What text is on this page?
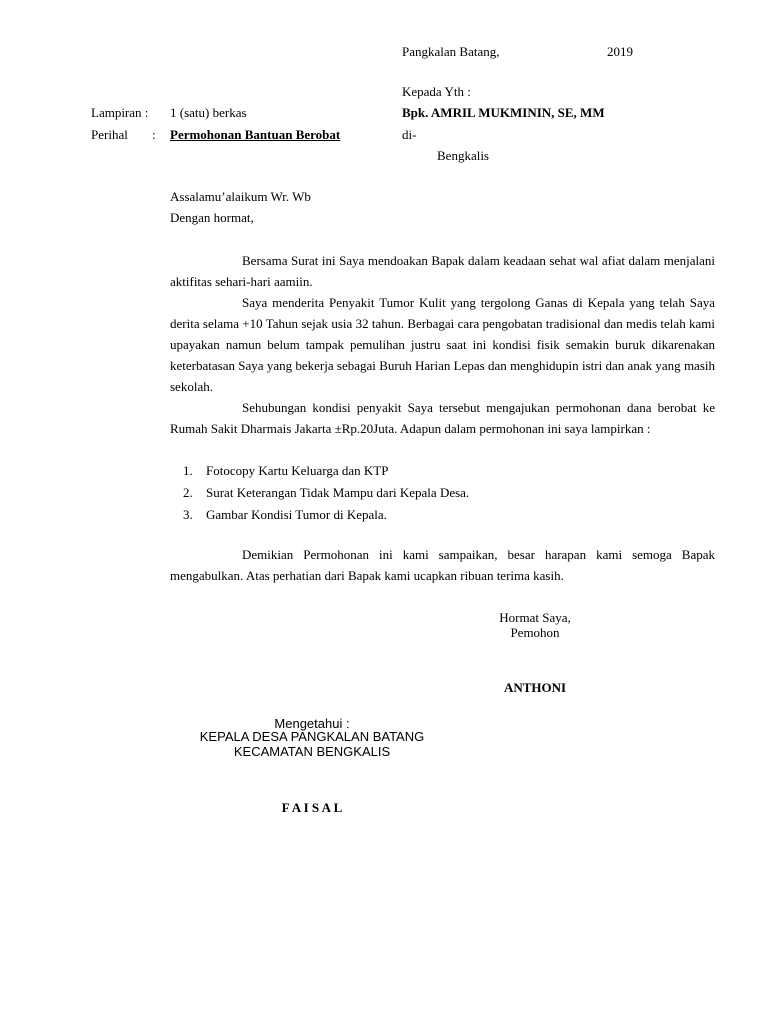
Pangkalan Batang,	2019
Kepada Yth :
Bpk. AMRIL MUKMININ, SE, MM
di-
Bengkalis
Lampiran : 1 (satu) berkas
Perihal : Permohonan Bantuan Berobat
Assalamu’alaikum Wr. Wb
Dengan hormat,
Bersama Surat ini Saya mendoakan Bapak dalam keadaan sehat wal afiat dalam menjalani aktifitas sehari-hari aamiin.
Saya menderita Penyakit Tumor Kulit yang tergolong Ganas di Kepala yang telah Saya derita selama +10 Tahun sejak usia 32 tahun. Berbagai cara pengobatan tradisional dan medis telah kami upayakan namun belum tampak pemulihan justru saat ini kondisi fisik semakin buruk dikarenakan keterbatasan Saya yang bekerja sebagai Buruh Harian Lepas dan menghidupin istri dan anak yang masih sekolah.
Sehubungan kondisi penyakit Saya tersebut mengajukan permohonan dana berobat ke Rumah Sakit Dharmais Jakarta ±Rp.20Juta. Adapun dalam permohonan ini saya lampirkan :
1. Fotocopy Kartu Keluarga dan KTP
2. Surat Keterangan Tidak Mampu dari Kepala Desa.
3. Gambar Kondisi Tumor di Kepala.
Demikian Permohonan ini kami sampaikan, besar harapan kami semoga Bapak mengabulkan. Atas perhatian dari Bapak kami ucapkan ribuan terima kasih.
Hormat Saya,
Pemohon
ANTHONI
Mengetahui :
KEPALA DESA PANGKALAN BATANG
KECAMATAN BENGKALIS
F A I S A L
